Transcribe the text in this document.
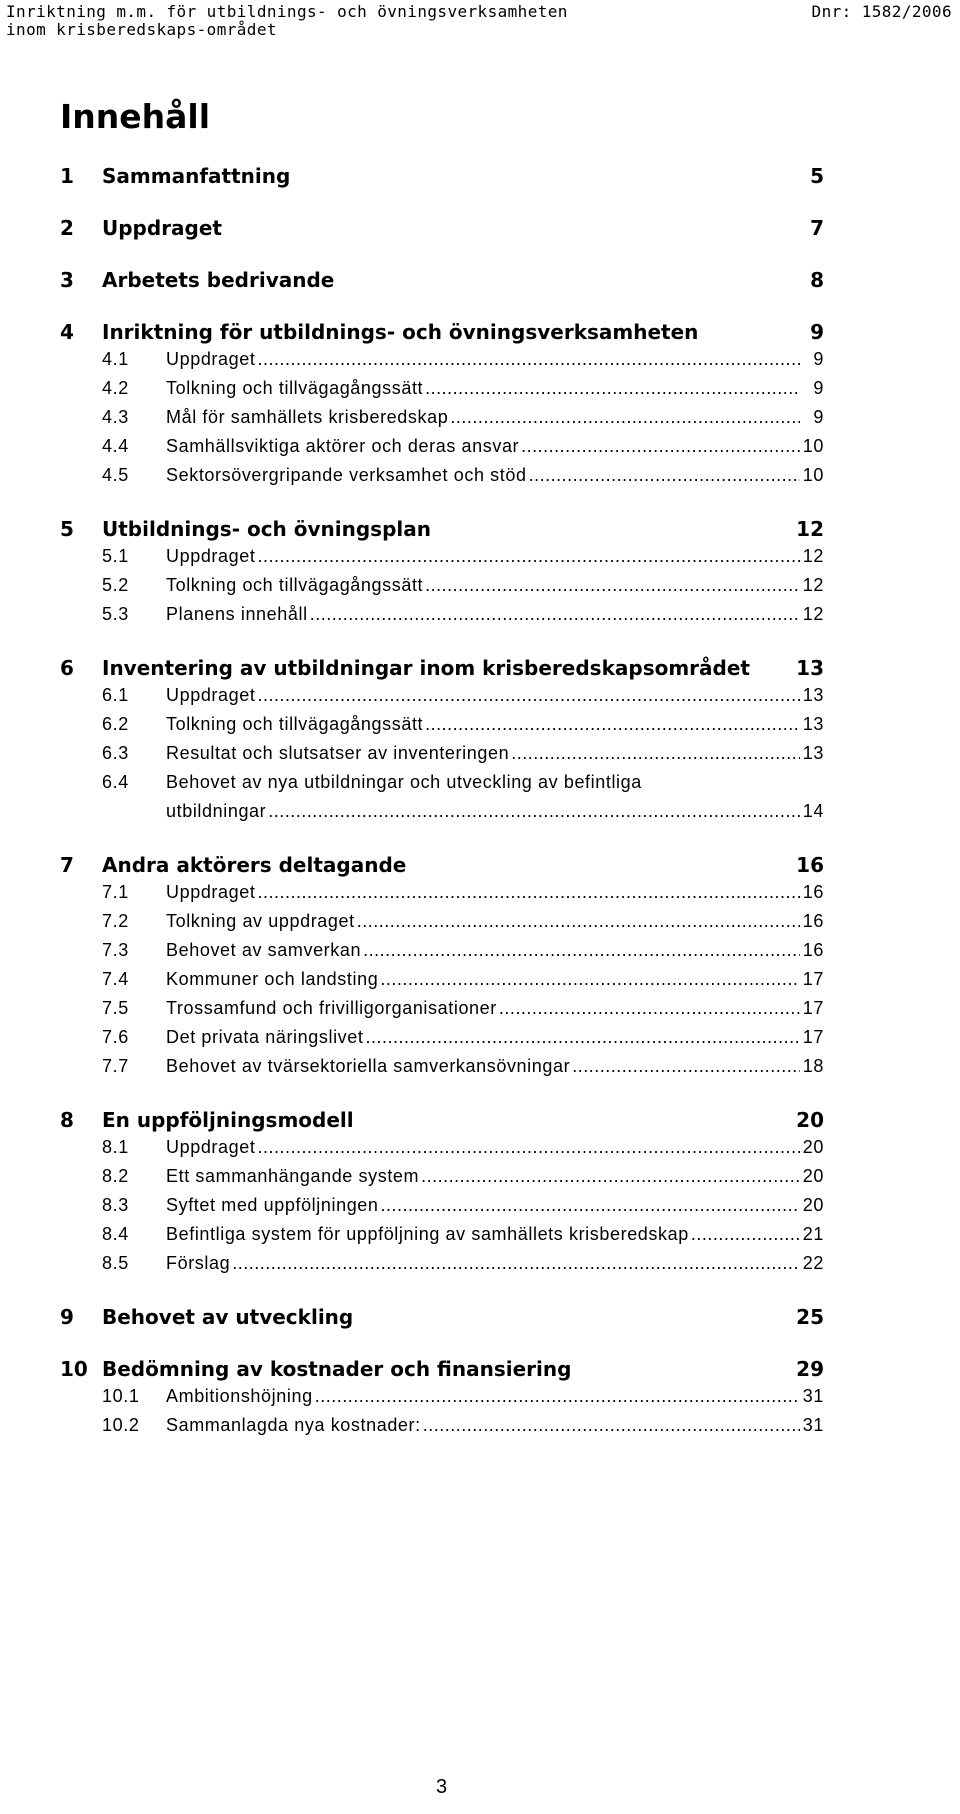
Inriktning m.m. för utbildnings- och övningsverksamheten
inom krisberedskaps-området
Dnr: 1582/2006
Innehåll
1	Sammanfattning	5
2	Uppdraget	7
3	Arbetets bedrivande	8
4	Inriktning för utbildnings- och övningsverksamheten	9
4.1	Uppdraget .....	9
4.2	Tolkning och tillvägagångssätt .....	9
4.3	Mål för samhällets krisberedskap .....	9
4.4	Samhällsviktiga aktörer och deras ansvar .....	10
4.5	Sektorsövergripande verksamhet och stöd .....	10
5	Utbildnings- och övningsplan	12
5.1	Uppdraget .....	12
5.2	Tolkning och tillvägagångssätt .....	12
5.3	Planens innehåll .....	12
6	Inventering av utbildningar inom krisberedskapsområdet	13
6.1	Uppdraget .....	13
6.2	Tolkning och tillvägagångssätt .....	13
6.3	Resultat och slutsatser av inventeringen .....	13
6.4	Behovet av nya utbildningar och utveckling av befintliga
utbildningar .....	14
7	Andra aktörers deltagande	16
7.1	Uppdraget .....	16
7.2	Tolkning av uppdraget .....	16
7.3	Behovet av samverkan .....	16
7.4	Kommuner och landsting .....	17
7.5	Trossamfund och frivilligorganisationer .....	17
7.6	Det privata näringslivet .....	17
7.7	Behovet av tvärsektoriella samverkansövningar .....	18
8	En uppföljningsmodell	20
8.1	Uppdraget .....	20
8.2	Ett sammanhängande system .....	20
8.3	Syftet med uppföljningen .....	20
8.4	Befintliga system för uppföljning av samhällets krisberedskap .....	21
8.5	Förslag .....	22
9	Behovet av utveckling	25
10 Bedömning av kostnader och finansiering	29
10.1	Ambitionshöjning .....	31
10.2	Sammanlagda nya kostnader: .....	31
3
